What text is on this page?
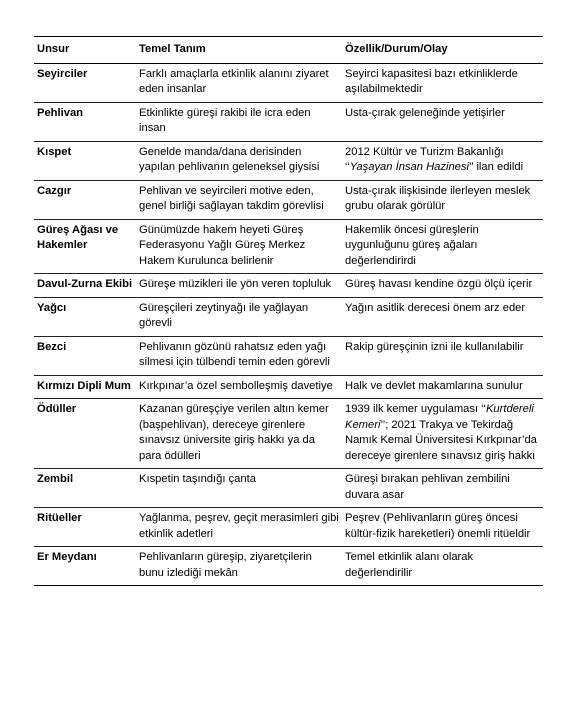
Unsur	Temel Tanım	Özellik/Durum/Olay
Seyirciler	Farklı amaçlarla etkinlik alanını ziyaret eden insanlar	Seyirci kapasitesi bazı etkinliklerde aşılabilmektedir
Pehlivan	Etkinlikte güreşi rakibi ile icra eden insan	Usta-çırak geleneğinde yetişirler
Kıspet	Genelde manda/dana derisinden yapılan pehlivanın geleneksel giysisi	2012 Kültür ve Turizm Bakanlığı ‘‘Yaşayan İnsan Hazinesi’’ ilan edildi
Cazgır	Pehlivan ve seyircileri motive eden, genel birliği sağlayan takdim görevlisi	Usta-çırak ilişkisinde ilerleyen meslek grubu olarak görülür
Güreş Ağası ve Hakemler	Günümüzde hakem heyeti Güreş Federasyonu Yağlı Güreş Merkez Hakem Kurulunca belirlenir	Hakemlik öncesi güreşlerin uygunluğunu güreş ağaları değerlendirirdi
Davul-Zurna Ekibi	Güreşe müzikleri ile yön veren topluluk	Güreş havası kendine özgü ölçü içerir
Yağcı	Güreşçileri zeytinyağı ile yağlayan görevli	Yağın asitlik derecesi önem arz eder
Bezci	Pehlivanın gözünü rahatsız eden yağı silmesi için tülbendi temin eden görevli	Rakip güreşçinin izni ile kullanılabilir
Kırmızı Dipli Mum	Kırkpınar’a özel sembolleşmiş davetiye	Halk ve devlet makamlarına sunulur
Ödüller	Kazanan güreşçiye verilen altın kemer (başpehlivan), dereceye girenlere sınavsız üniversite giriş hakkı ya da para ödülleri	1939 ilk kemer uygulaması ‘‘Kurtdereli Kemeri’’; 2021 Trakya ve Tekirdağ Namık Kemal Üniversitesi Kırkpınar’da dereceye girenlere sınavsız giriş hakkı
Zembil	Kıspetin taşındığı çanta	Güreşi bırakan pehlivan zembilini duvara asar
Ritüeller	Yağlanma, peşrev, geçit merasimleri gibi etkinlik adetleri	Peşrev (Pehlivanların güreş öncesi kültür-fizik hareketleri) önemli ritüeldir
Er Meydanı	Pehlivanların güreşip, ziyaretçilerin bunu izlediği mekân	Temel etkinlik alanı olarak değerlendirilir
